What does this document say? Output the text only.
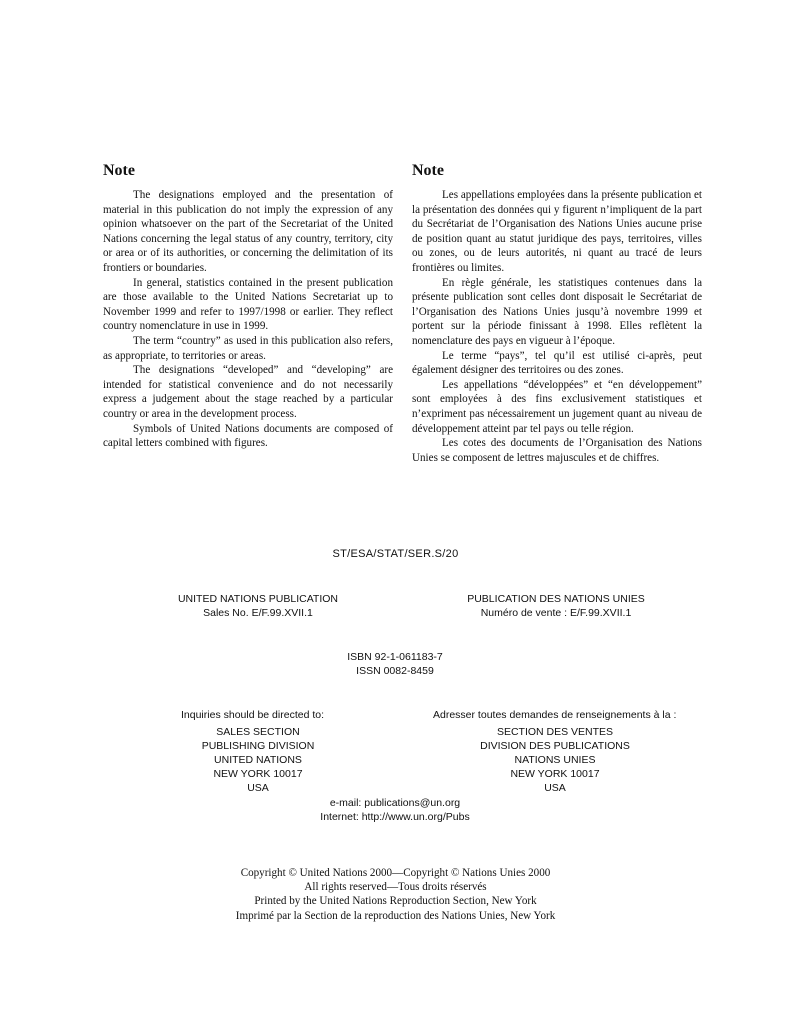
Note

The designations employed and the presentation of material in this publication do not imply the expression of any opinion whatsoever on the part of the Secretariat of the United Nations concerning the legal status of any country, territory, city or area or of its authorities, or concerning the delimitation of its frontiers or boundaries.

In general, statistics contained in the present publication are those available to the United Nations Secretariat up to November 1999 and refer to 1997/1998 or earlier. They reflect country nomenclature in use in 1999.

The term “country” as used in this publication also refers, as appropriate, to territories or areas.

The designations “developed” and “developing” are intended for statistical convenience and do not necessarily express a judgement about the stage reached by a particular country or area in the development process.

Symbols of United Nations documents are composed of capital letters combined with figures.

Note

Les appellations employées dans la présente publication et la présentation des données qui y figurent n’impliquent de la part du Secrétariat de l’Organisation des Nations Unies aucune prise de position quant au statut juridique des pays, territoires, villes ou zones, ou de leurs autorités, ni quant au tracé de leurs frontières ou limites.

En règle générale, les statistiques contenues dans la présente publication sont celles dont disposait le Secrétariat de l’Organisation des Nations Unies jusqu’à novembre 1999 et portent sur la période finissant à 1998. Elles reflètent la nomenclature des pays en vigueur à l’époque.

Le terme “pays”, tel qu’il est utilisé ci-après, peut également désigner des territoires ou des zones.

Les appellations “développées” et “en développement” sont employées à des fins exclusivement statistiques et n’expriment pas nécessairement un jugement quant au niveau de développement atteint par tel pays ou telle région.

Les cotes des documents de l’Organisation des Nations Unies se composent de lettres majuscules et de chiffres.

ST/ESA/STAT/SER.S/20
UNITED NATIONS PUBLICATION
Sales No. E/F.99.XVII.1
PUBLICATION DES NATIONS UNIES
Numéro de vente : E/F.99.XVII.1
ISBN 92-1-061183-7
ISSN 0082-8459
Inquiries should be directed to:	Adresser toutes demandes de renseignements à la :
SALES SECTION
PUBLISHING DIVISION
UNITED NATIONS
NEW YORK 10017
USA
SECTION DES VENTES
DIVISION DES PUBLICATIONS
NATIONS UNIES
NEW YORK 10017
USA
e-mail: publications@un.org
Internet: http://www.un.org/Pubs
Copyright © United Nations 2000—Copyright © Nations Unies 2000
All rights reserved—Tous droits réservés
Printed by the United Nations Reproduction Section, New York
Imprimé par la Section de la reproduction des Nations Unies, New York
